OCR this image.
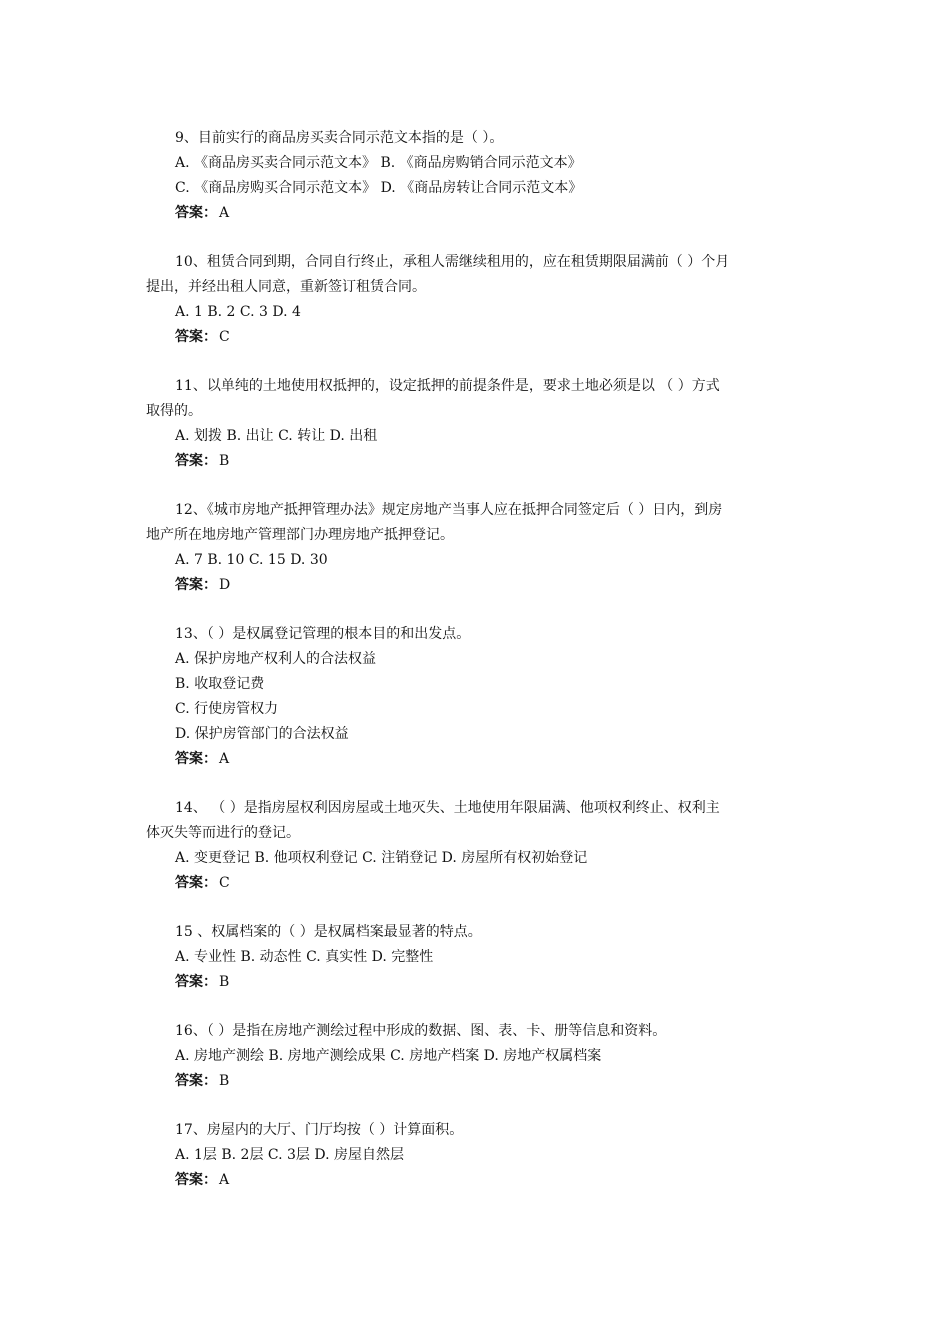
9、目前实行的商品房买卖合同示范文本指的是（ ）。
A. 《商品房买卖合同示范文本》 B. 《商品房购销合同示范文本》
C. 《商品房购买合同示范文本》 D. 《商品房转让合同示范文本》
答案： A
10、租赁合同到期，合同自行终止，承租人需继续租用的，应在租赁期限届满前（ ）个月
提出，并经出租人同意，重新签订租赁合同。
A. 1 B. 2 C. 3 D. 4
答案： C
11、以单纯的土地使用权抵押的，设定抵押的前提条件是，要求土地必须是以 （ ）方式
取得的。
A. 划拨 B. 出让 C. 转让 D. 出租
答案： B
12、《城市房地产抵押管理办法》规定房地产当事人应在抵押合同签定后（ ）日内，到房
地产所在地房地产管理部门办理房地产抵押登记。
A. 7 B. 10 C. 15 D. 30
答案： D
13、（ ）是权属登记管理的根本目的和出发点。
A. 保护房地产权利人的合法权益
B. 收取登记费
C. 行使房管权力
D. 保护房管部门的合法权益
答案： A
14、 （ ）是指房屋权利因房屋或土地灭失、土地使用年限届满、他项权利终止、权利主
体灭失等而进行的登记。
A. 变更登记 B. 他项权利登记 C. 注销登记 D. 房屋所有权初始登记
答案： C
15 、权属档案的（ ）是权属档案最显著的特点。
A. 专业性 B. 动态性 C. 真实性 D. 完整性
答案： B
16、（ ）是指在房地产测绘过程中形成的数据、图、表、卡、册等信息和资料。
A. 房地产测绘 B. 房地产测绘成果 C. 房地产档案 D. 房地产权属档案
答案： B
17、房屋内的大厅、门厅均按（ ）计算面积。
A. 1层 B. 2层 C. 3层 D. 房屋自然层
答案： A
